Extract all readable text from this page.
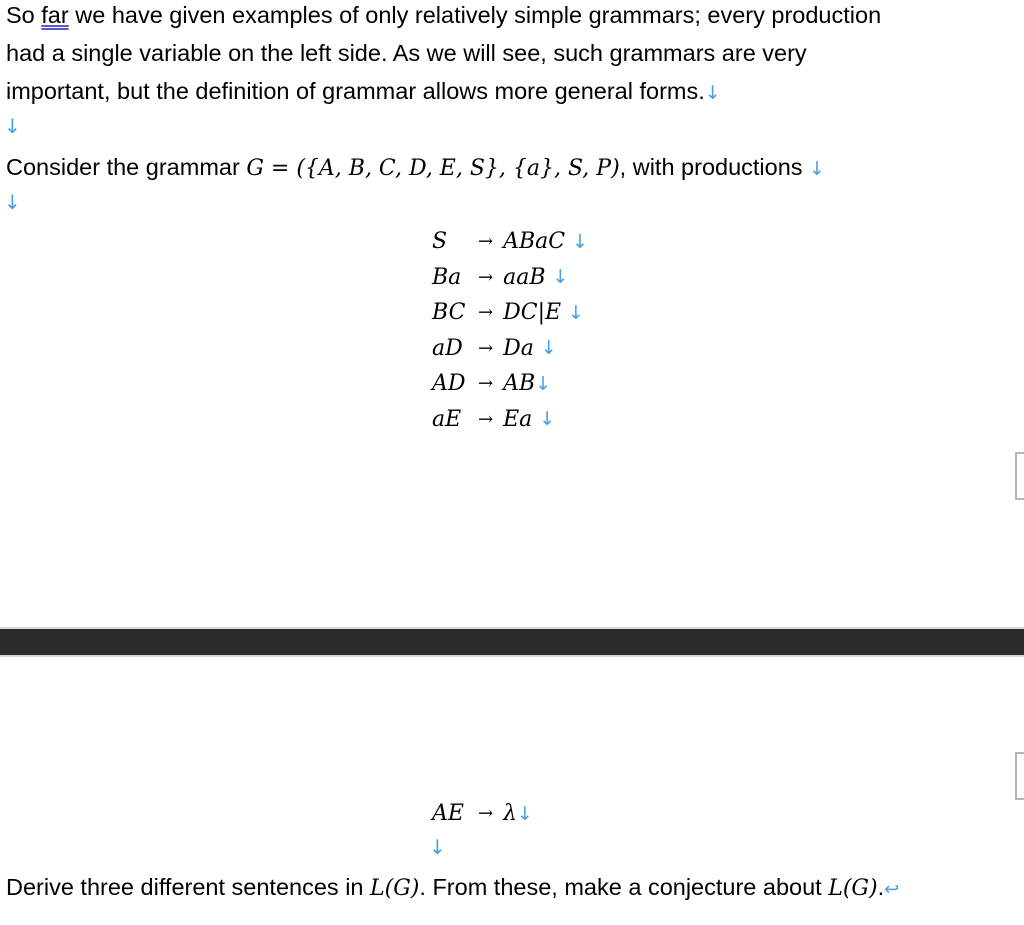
So far we have given examples of only relatively simple grammars; every production
had a single variable on the left side. As we will see, such grammars are very
important, but the definition of grammar allows more general forms.↓
↓
Consider the grammar G = ({A, B, C, D, E, S}, {a}, S, P), with productions ↓
↓
S	→ ABaC
↓
Ba → aaB
↓
BC → DC|E
↓
aD → Da
↓
AD → AB ↓
aE → Ea
↓
AE → λ ↓
↓
Derive three different sentences in L(G). From these, make a conjecture about L(G).↩
